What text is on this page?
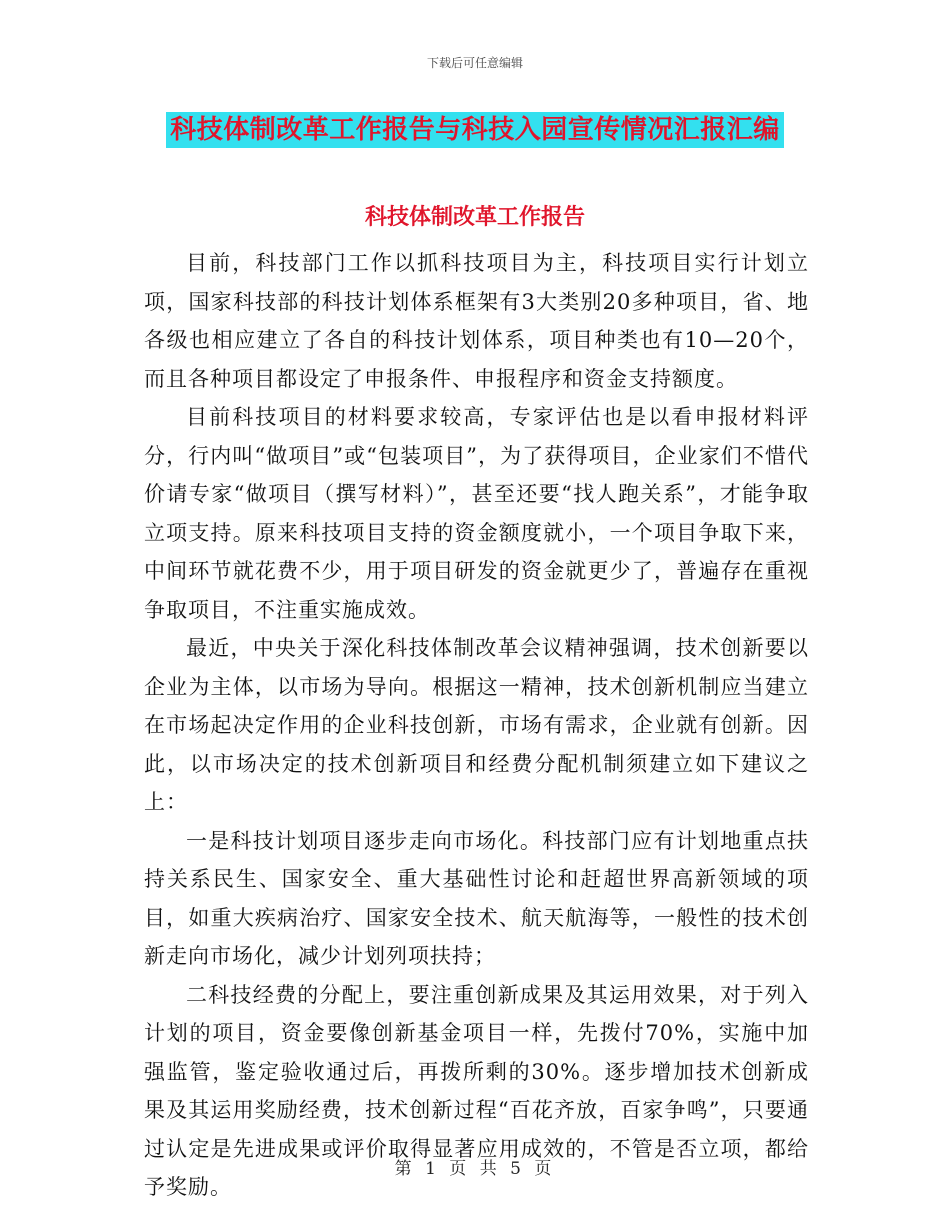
下载后可任意编辑
科技体制改革工作报告与科技入园宣传情况汇报汇编
科技体制改革工作报告

目前，科技部门工作以抓科技项目为主，科技项目实行计划立项，国家科技部的科技计划体系框架有3大类别20多种项目，省、地各级也相应建立了各自的科技计划体系，项目种类也有10—20个，而且各种项目都设定了申报条件、申报程序和资金支持额度。

目前科技项目的材料要求较高，专家评估也是以看申报材料评分，行内叫“做项目”或“包装项目”，为了获得项目，企业家们不惜代价请专家“做项目（撰写材料）”，甚至还要“找人跑关系”，才能争取立项支持。原来科技项目支持的资金额度就小，一个项目争取下来，中间环节就花费不少，用于项目研发的资金就更少了，普遍存在重视争取项目，不注重实施成效。

最近，中央关于深化科技体制改革会议精神强调，技术创新要以企业为主体，以市场为导向。根据这一精神，技术创新机制应当建立在市场起决定作用的企业科技创新，市场有需求，企业就有创新。因此，以市场决定的技术创新项目和经费分配机制须建立如下建议之上：

一是科技计划项目逐步走向市场化。科技部门应有计划地重点扶持关系民生、国家安全、重大基础性讨论和赶超世界高新领域的项目，如重大疾病治疗、国家安全技术、航天航海等，一般性的技术创新走向市场化，减少计划列项扶持；

二科技经费的分配上，要注重创新成果及其运用效果，对于列入计划的项目，资金要像创新基金项目一样，先拨付70%，实施中加强监管，鉴定验收通过后，再拨所剩的30%。逐步增加技术创新成果及其运用奖励经费，技术创新过程“百花齐放，百家争鸣”，只要通过认定是先进成果或评价取得显著应用成效的，不管是否立项，都给予奖励。

第 1 页 共 5 页
